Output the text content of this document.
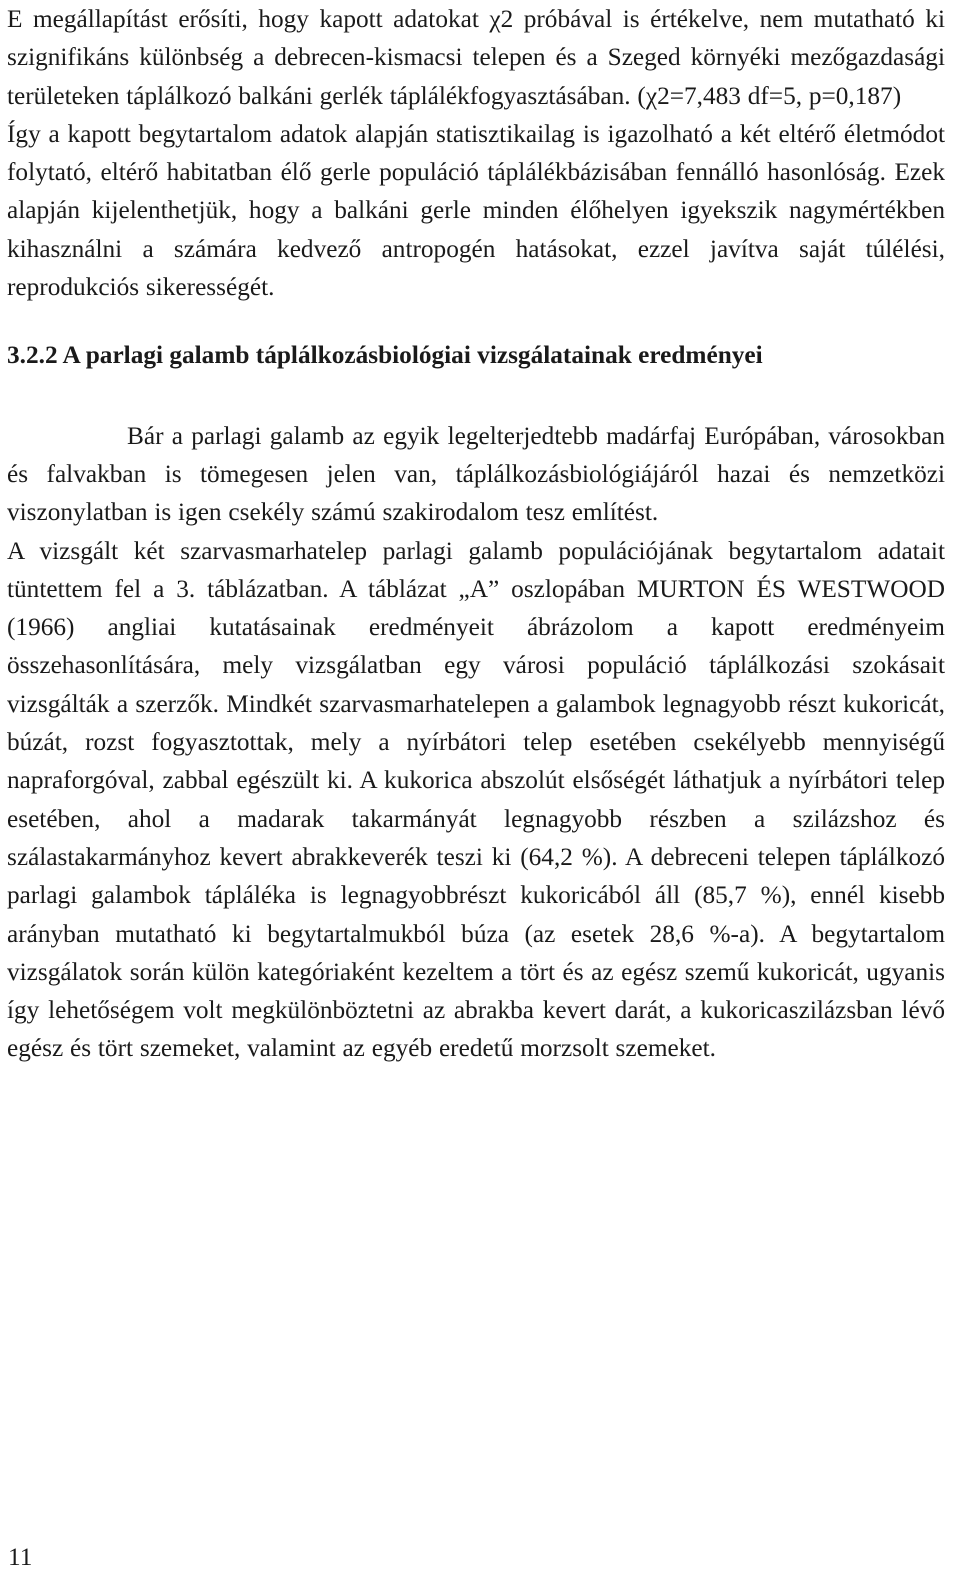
E megállapítást erősíti, hogy kapott adatokat χ2 próbával is értékelve, nem mutatható ki szignifikáns különbség a debrecen-kismacsi telepen és a Szeged környéki mezőgazdasági területeken táplálkozó balkáni gerlék táplálékfogyasztásában. (χ2=7,483 df=5, p=0,187)

Így a kapott begytartalom adatok alapján statisztikailag is igazolható a két eltérő életmódot folytató, eltérő habitatban élő gerle populáció táplálékbázisában fennálló hasonlóság. Ezek alapján kijelenthetjük, hogy a balkáni gerle minden élőhelyen igyekszik nagymértékben kihasználni a számára kedvező antropogén hatásokat, ezzel javítva saját túlélési, reprodukciós sikerességét.

3.2.2 A parlagi galamb táplálkozásbiológiai vizsgálatainak eredményei

Bár a parlagi galamb az egyik legelterjedtebb madárfaj Európában, városokban és falvakban is tömegesen jelen van, táplálkozásbiológiájáról hazai és nemzetközi viszonylatban is igen csekély számú szakirodalom tesz említést.

A vizsgált két szarvasmarhatelep parlagi galamb populációjának begytartalom adatait tüntettem fel a 3. táblázatban. A táblázat „A” oszlopában MURTON ÉS WESTWOOD (1966) angliai kutatásainak eredményeit ábrázolom a kapott eredményeim összehasonlítására, mely vizsgálatban egy városi populáció táplálkozási szokásait vizsgálták a szerzők. Mindkét szarvasmarhatelepen a galambok legnagyobb részt kukoricát, búzát, rozst fogyasztottak, mely a nyírbátori telep esetében csekélyebb mennyiségű napraforgóval, zabbal egészült ki. A kukorica abszolút elsőségét láthatjuk a nyírbátori telep esetében, ahol a madarak takarmányát legnagyobb részben a szilázshoz és szálastakarmányhoz kevert abrakkeverék teszi ki (64,2 %). A debreceni telepen táplálkozó parlagi galambok tápláléka is legnagyobbrészt kukoricából áll (85,7 %), ennél kisebb arányban mutatható ki begytartalmukból búza (az esetek 28,6 %-a). A begytartalom vizsgálatok során külön kategóriaként kezeltem a tört és az egész szemű kukoricát, ugyanis így lehetőségem volt megkülönböztetni az abrakba kevert darát, a kukoricaszilázsban lévő egész és tört szemeket, valamint az egyéb eredetű morzsolt szemeket.

11
